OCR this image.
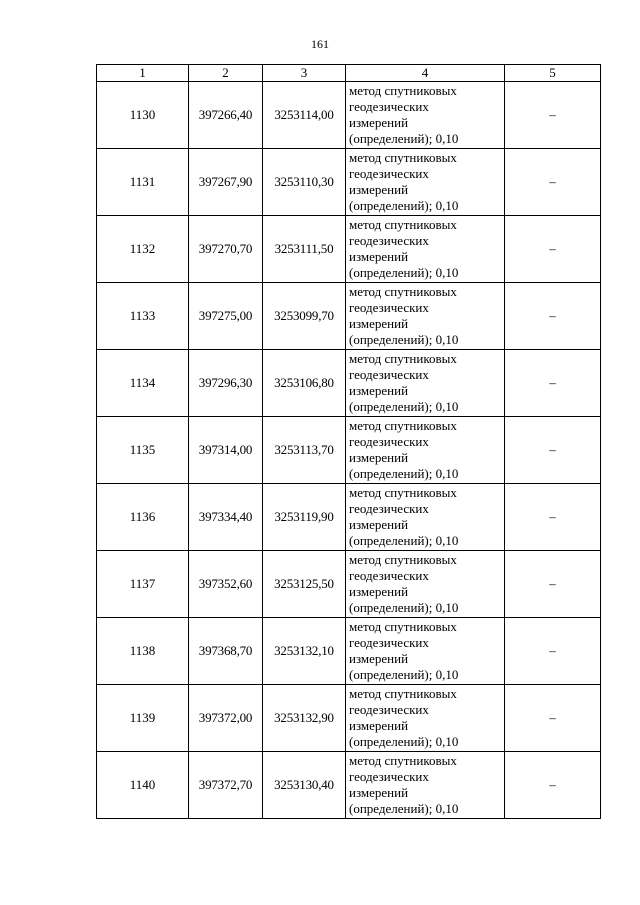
161
1	2	3	4	5
1130	397266,40	3253114,00	метод спутниковых
геодезических
измерений
(определений); 0,10	–
1131	397267,90	3253110,30	метод спутниковых
геодезических
измерений
(определений); 0,10	–
1132	397270,70	3253111,50	метод спутниковых
геодезических
измерений
(определений); 0,10	–
1133	397275,00	3253099,70	метод спутниковых
геодезических
измерений
(определений); 0,10	–
1134	397296,30	3253106,80	метод спутниковых
геодезических
измерений
(определений); 0,10	–
1135	397314,00	3253113,70	метод спутниковых
геодезических
измерений
(определений); 0,10	–
1136	397334,40	3253119,90	метод спутниковых
геодезических
измерений
(определений); 0,10	–
1137	397352,60	3253125,50	метод спутниковых
геодезических
измерений
(определений); 0,10	–
1138	397368,70	3253132,10	метод спутниковых
геодезических
измерений
(определений); 0,10	–
1139	397372,00	3253132,90	метод спутниковых
геодезических
измерений
(определений); 0,10	–
1140	397372,70	3253130,40	метод спутниковых
геодезических
измерений
(определений); 0,10	–
